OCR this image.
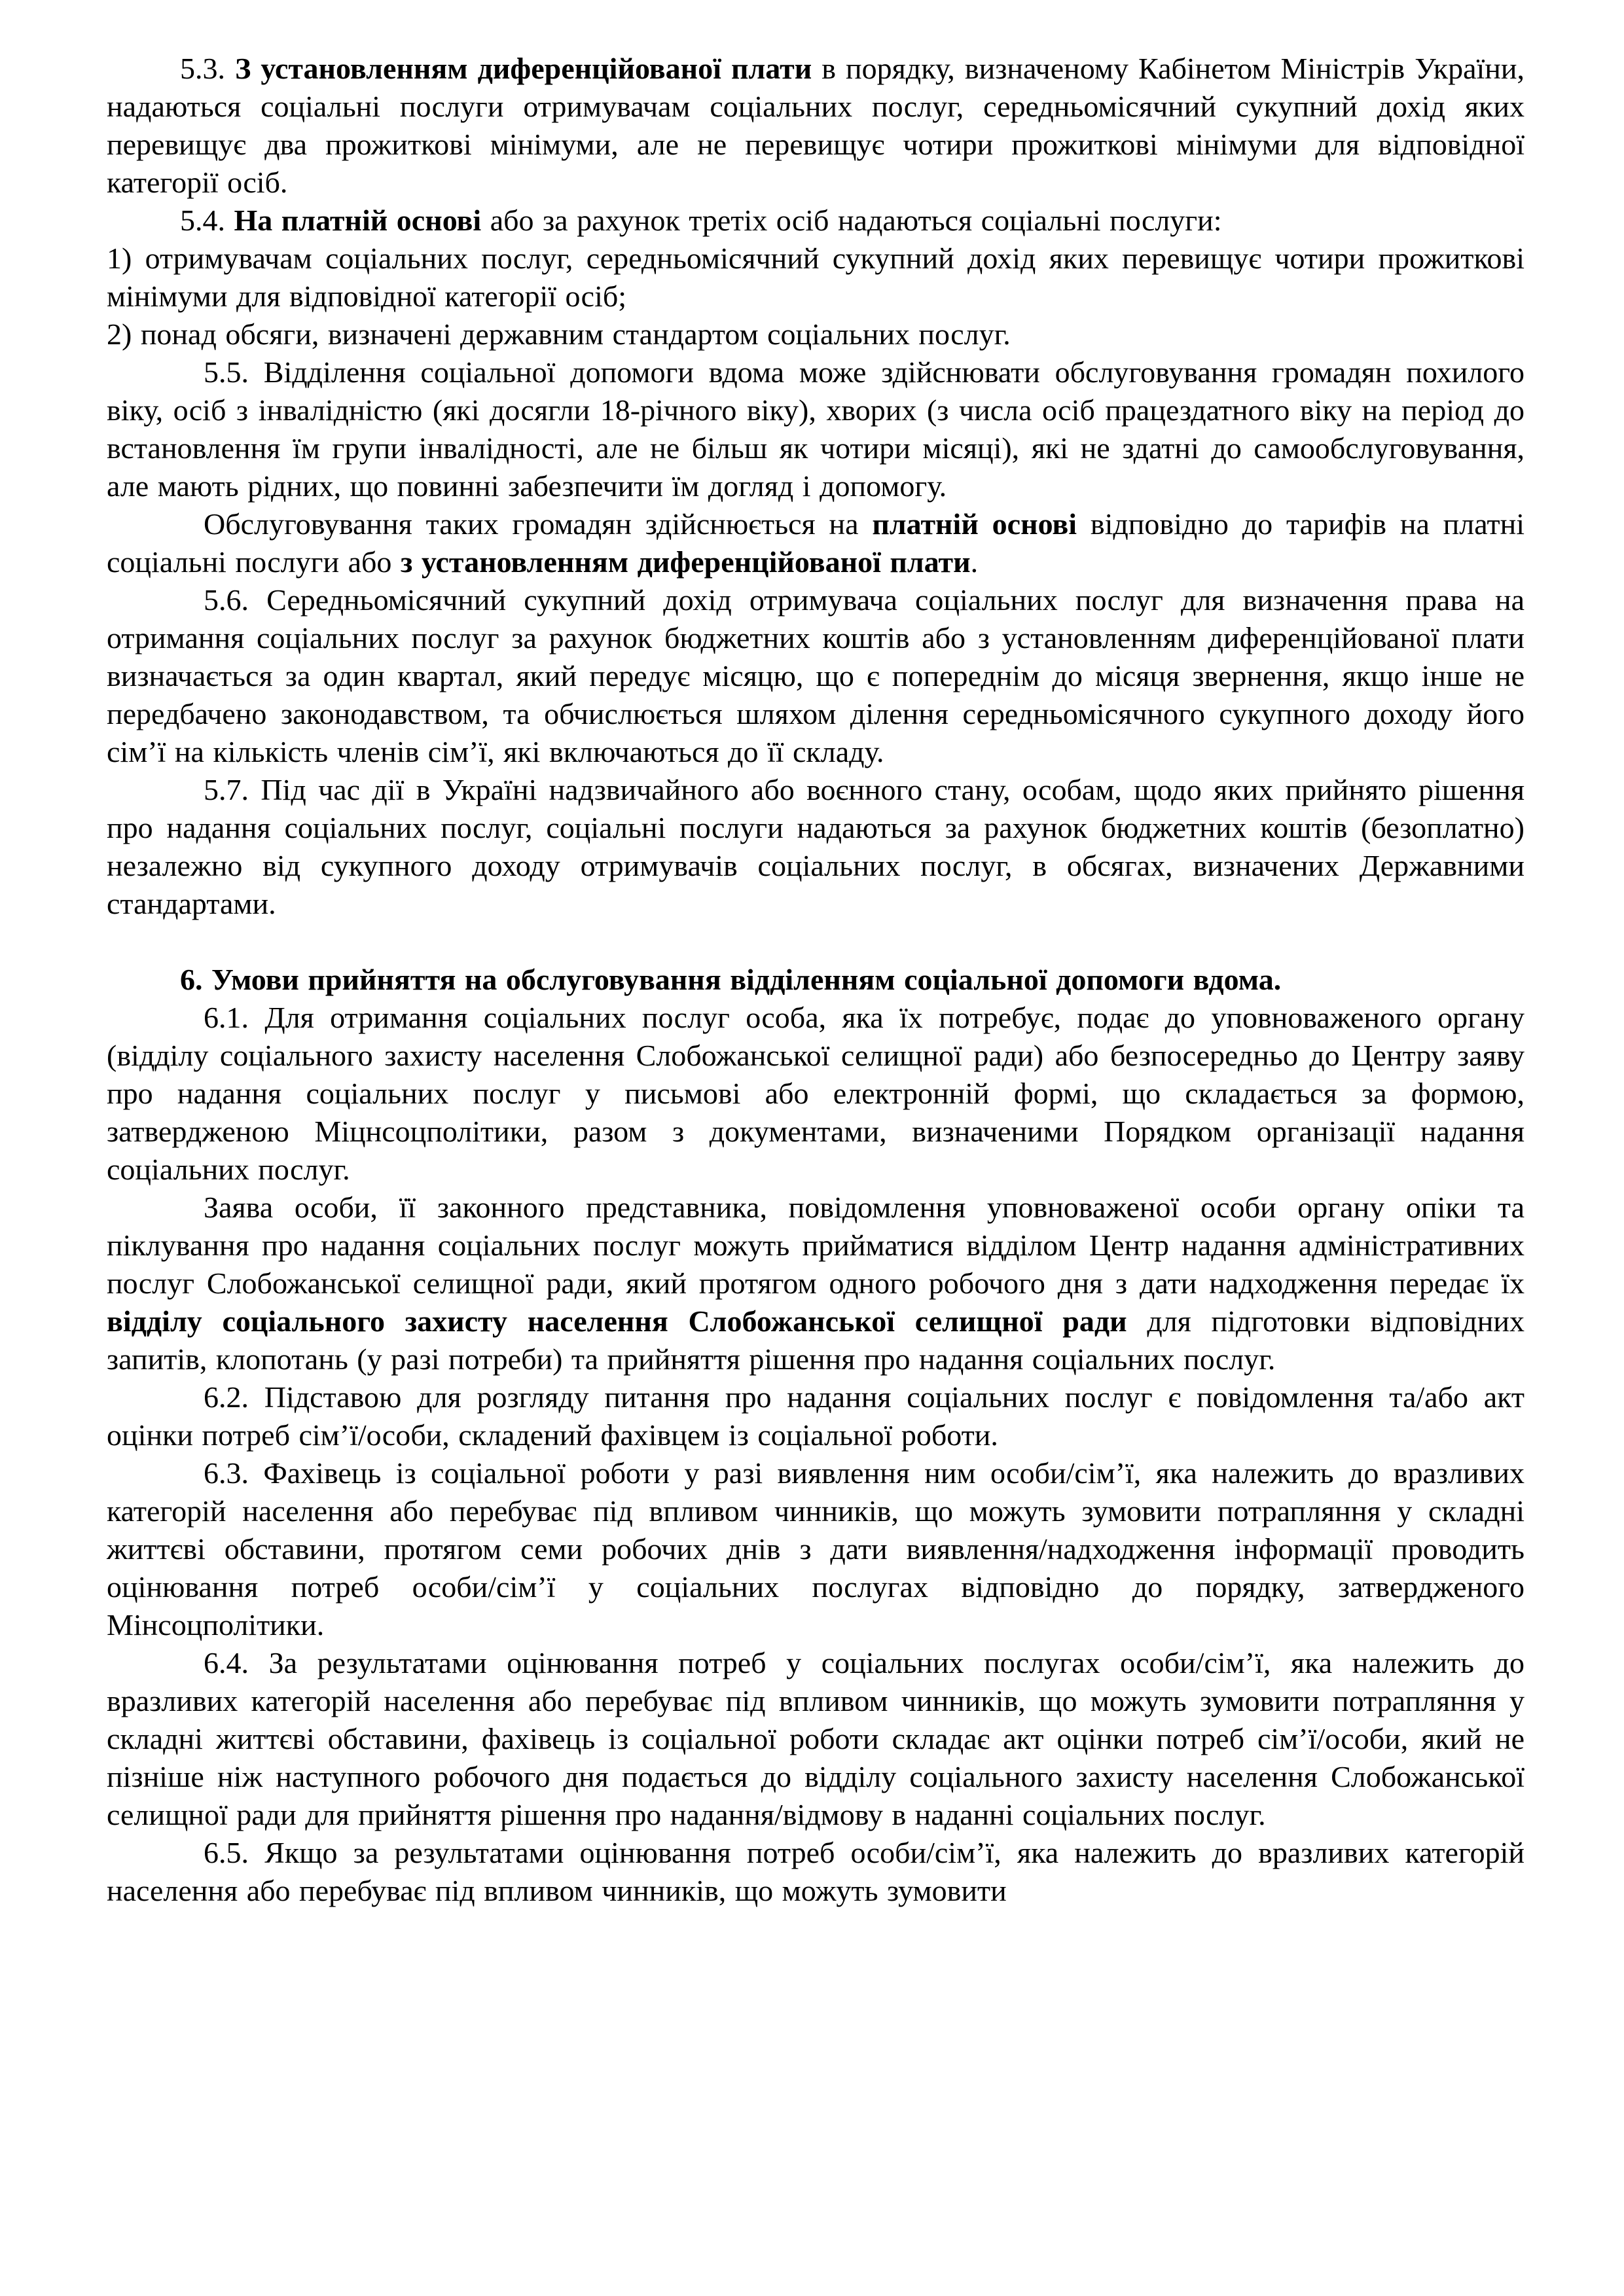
5.3. З установленням диференційованої плати в порядку, визначеному Кабінетом Міністрів України, надаються соціальні послуги отримувачам соціальних послуг, середньомісячний сукупний дохід яких перевищує два прожиткові мінімуми, але не перевищує чотири прожиткові мінімуми для відповідної категорії осіб.

5.4. На платній основі або за рахунок третіх осіб надаються соціальні послуги:

1) отримувачам соціальних послуг, середньомісячний сукупний дохід яких перевищує чотири прожиткові мінімуми для відповідної категорії осіб;

2) понад обсяги, визначені державним стандартом соціальних послуг.

5.5. Відділення соціальної допомоги вдома може здійснювати обслуговування громадян похилого віку, осіб з інвалідністю (які досягли 18-річного віку), хворих (з числа осіб працездатного віку на період до встановлення їм групи інвалідності, але не більш як чотири місяці), які не здатні до самообслуговування, але мають рідних, що повинні забезпечити їм догляд і допомогу.

Обслуговування таких громадян здійснюється на платній основі відповідно до тарифів на платні соціальні послуги або з установленням диференційованої плати.

5.6. Середньомісячний сукупний дохід отримувача соціальних послуг для визначення права на отримання соціальних послуг за рахунок бюджетних коштів або з установленням диференційованої плати визначається за один квартал, який передує місяцю, що є попереднім до місяця звернення, якщо інше не передбачено законодавством, та обчислюється шляхом ділення середньомісячного сукупного доходу його сім’ї на кількість членів сім’ї, які включаються до її складу.

5.7. Під час дії в Україні надзвичайного або воєнного стану, особам, щодо яких прийнято рішення про надання соціальних послуг, соціальні послуги надаються за рахунок бюджетних коштів (безоплатно) незалежно від сукупного доходу отримувачів соціальних послуг, в обсягах, визначених Державними стандартами.

6. Умови прийняття на обслуговування відділенням соціальної допомоги вдома.

6.1. Для отримання соціальних послуг особа, яка їх потребує, подає до уповноваженого органу (відділу соціального захисту населення Слобожанської селищної ради) або безпосередньо до Центру заяву про надання соціальних послуг у письмові або електронній формі, що складається за формою, затвердженою Міцнсоцполітики, разом з документами, визначеними Порядком організації надання соціальних послуг.

Заява особи, її законного представника, повідомлення уповноваженої особи органу опіки та піклування про надання соціальних послуг можуть прийматися відділом Центр надання адміністративних послуг Слобожанської селищної ради, який протягом одного робочого дня з дати надходження передає їх відділу соціального захисту населення Слобожанської селищної ради для підготовки відповідних запитів, клопотань (у разі потреби) та прийняття рішення про надання соціальних послуг.

6.2. Підставою для розгляду питання про надання соціальних послуг є повідомлення та/або акт оцінки потреб сім’ї/особи, складений фахівцем із соціальної роботи.

6.3. Фахівець із соціальної роботи у разі виявлення ним особи/сім’ї, яка належить до вразливих категорій населення або перебуває під впливом чинників, що можуть зумовити потрапляння у складні життєві обставини, протягом семи робочих днів з дати виявлення/надходження інформації проводить оцінювання потреб особи/сім’ї у соціальних послугах відповідно до порядку, затвердженого Мінсоцполітики.

6.4. За результатами оцінювання потреб у соціальних послугах особи/сім’ї, яка належить до вразливих категорій населення або перебуває під впливом чинників, що можуть зумовити потрапляння у складні життєві обставини, фахівець із соціальної роботи складає акт оцінки потреб сім’ї/особи, який не пізніше ніж наступного робочого дня подається до відділу соціального захисту населення Слобожанської селищної ради для прийняття рішення про надання/відмову в наданні соціальних послуг.

6.5. Якщо за результатами оцінювання потреб особи/сім’ї, яка належить до вразливих категорій населення або перебуває під впливом чинників, що можуть зумовити
